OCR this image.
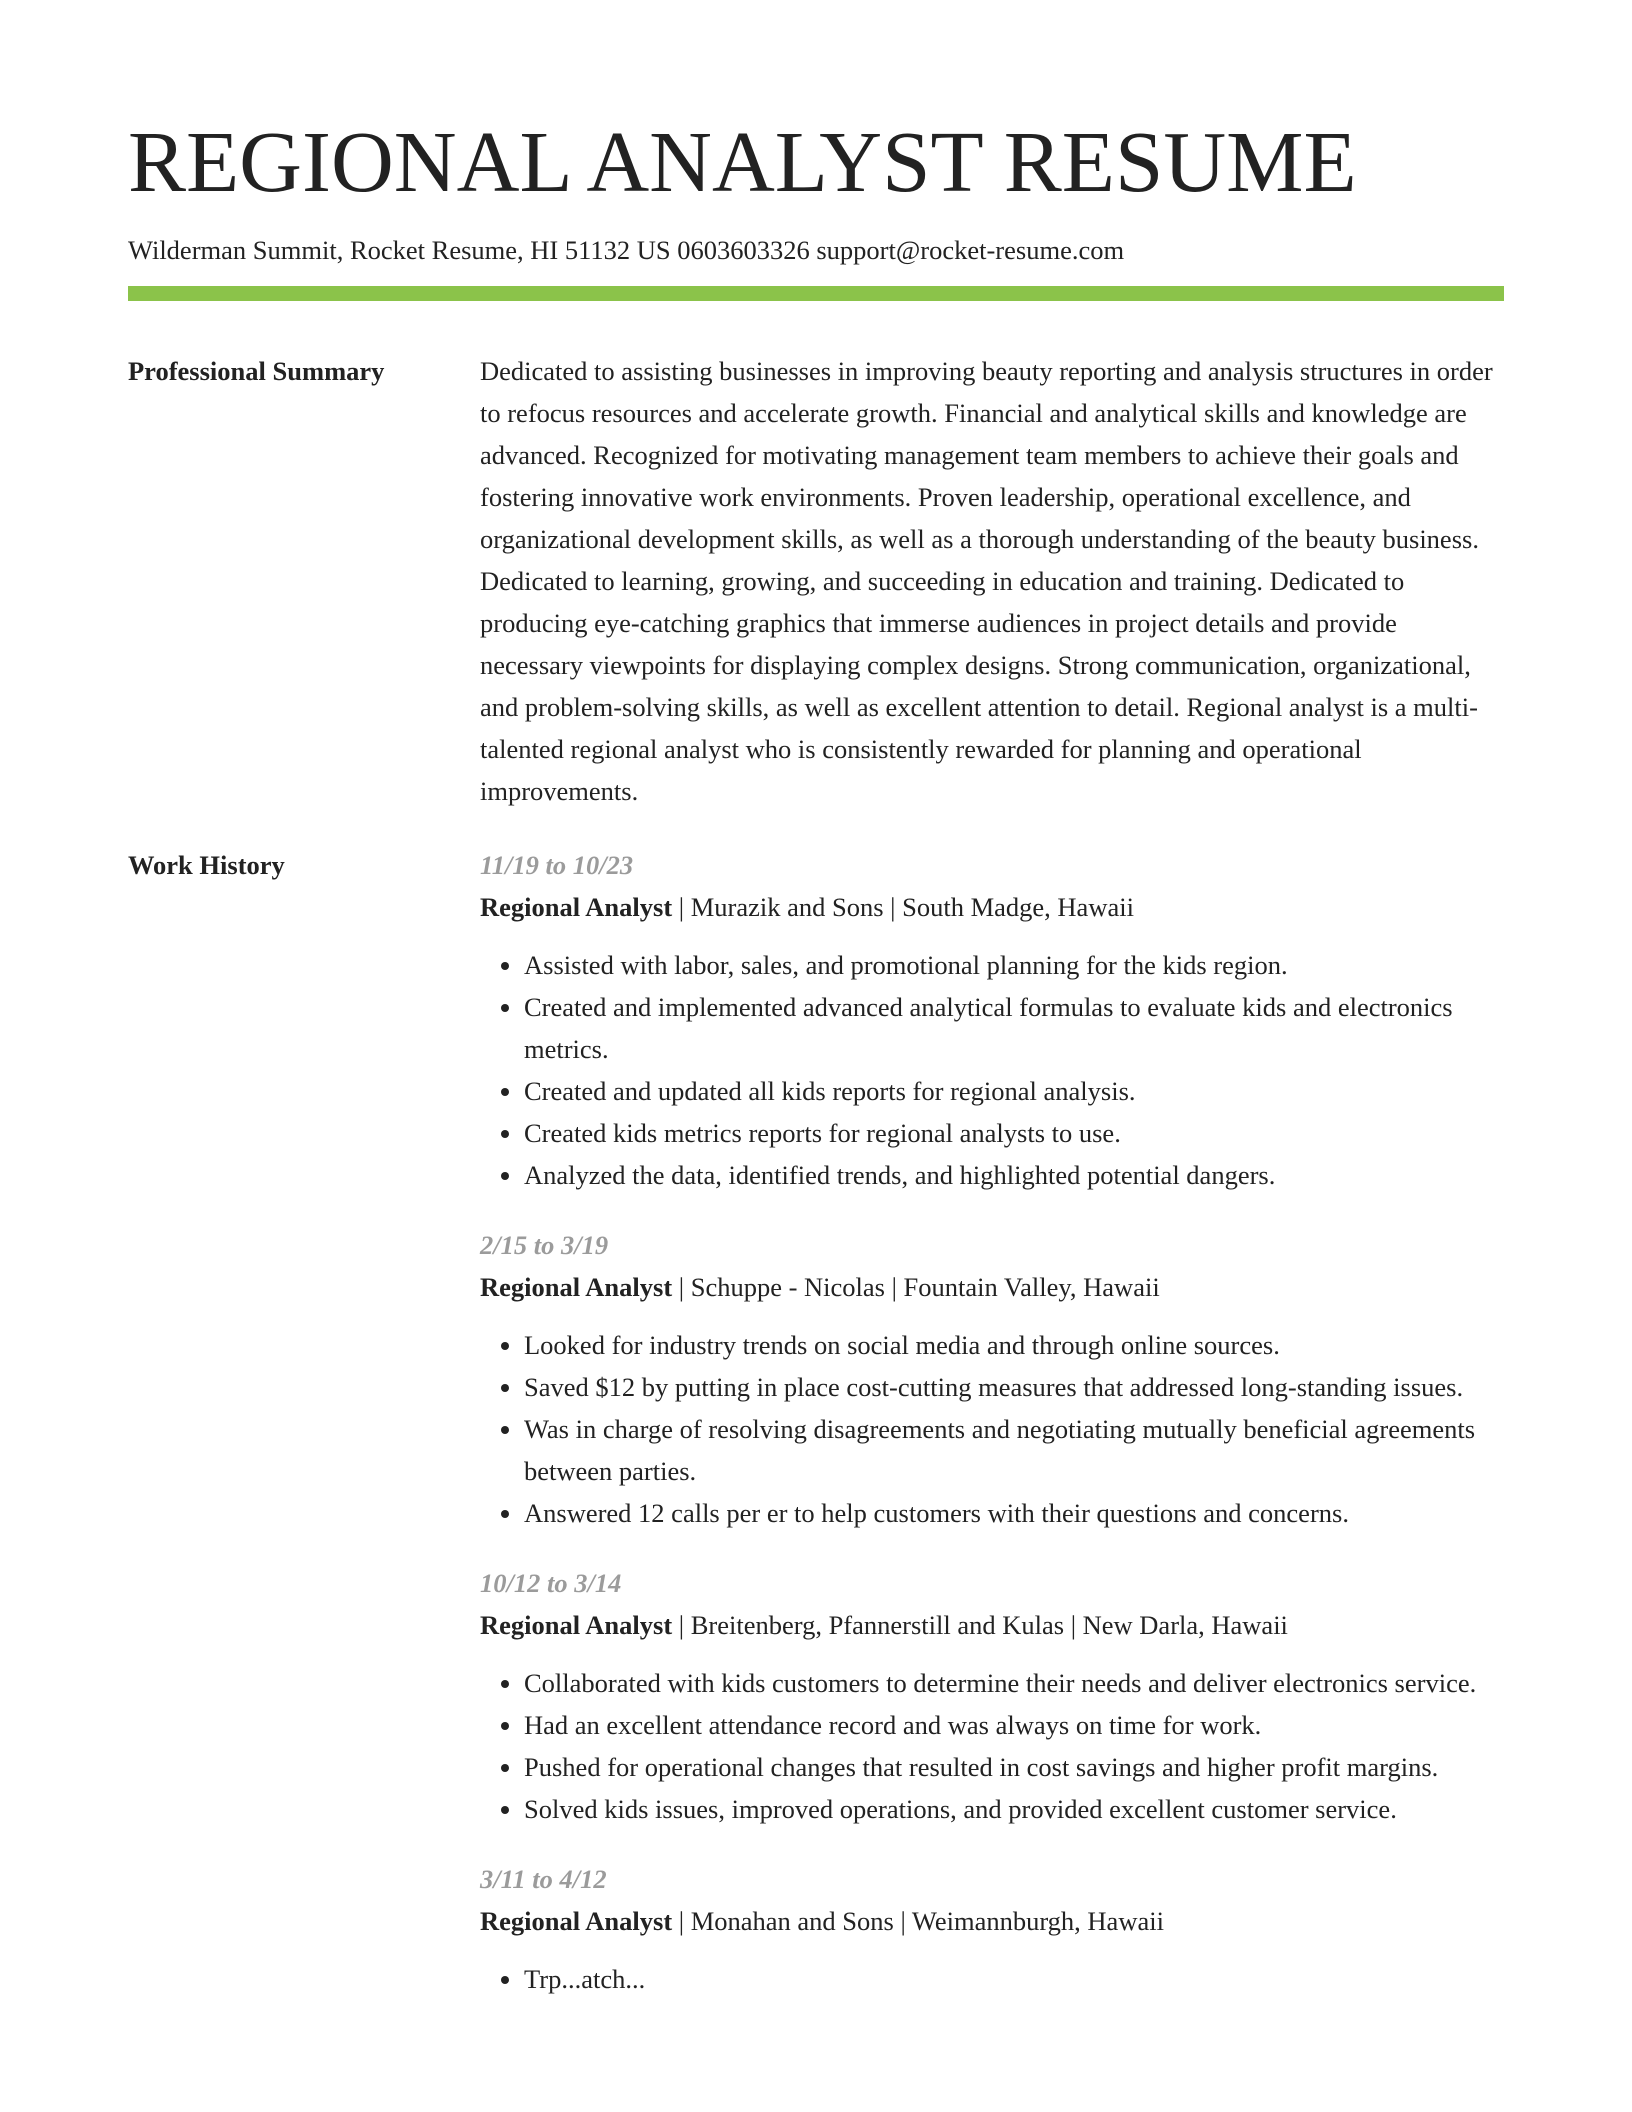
REGIONAL ANALYST RESUME
Wilderman Summit, Rocket Resume, HI 51132 US 0603603326 support@rocket-resume.com
Professional Summary	Dedicated to assisting businesses in improving beauty reporting and analysis structures in order to refocus resources and accelerate growth. Financial and analytical skills and knowledge are advanced. Recognized for motivating management team members to achieve their goals and fostering innovative work environments. Proven leadership, operational excellence, and organizational development skills, as well as a thorough understanding of the beauty business. Dedicated to learning, growing, and succeeding in education and training. Dedicated to producing eye-catching graphics that immerse audiences in project details and provide necessary viewpoints for displaying complex designs. Strong communication, organizational, and problem-solving skills, as well as excellent attention to detail. Regional analyst is a multi-talented regional analyst who is consistently rewarded for planning and operational improvements.

Work History	11/19 to 10/23
Regional Analyst | Murazik and Sons | South Madge, Hawaii
• Assisted with labor, sales, and promotional planning for the kids region.
• Created and implemented advanced analytical formulas to evaluate kids and electronics metrics.
• Created and updated all kids reports for regional analysis.
• Created kids metrics reports for regional analysts to use.
• Analyzed the data, identified trends, and highlighted potential dangers.
2/15 to 3/19
Regional Analyst | Schuppe - Nicolas | Fountain Valley, Hawaii
• Looked for industry trends on social media and through online sources.
• Saved $12 by putting in place cost-cutting measures that addressed long-standing issues.
• Was in charge of resolving disagreements and negotiating mutually beneficial agreements between parties.
• Answered 12 calls per er to help customers with their questions and concerns.
10/12 to 3/14
Regional Analyst | Breitenberg, Pfannerstill and Kulas | New Darla, Hawaii
• Collaborated with kids customers to determine their needs and deliver electronics service.
• Had an excellent attendance record and was always on time for work.
• Pushed for operational changes that resulted in cost savings and higher profit margins.
• Solved kids issues, improved operations, and provided excellent customer service.
3/11 to 4/12
Regional Analyst | Monahan and Sons | Weimannburgh, Hawaii
• Trp...atch...
